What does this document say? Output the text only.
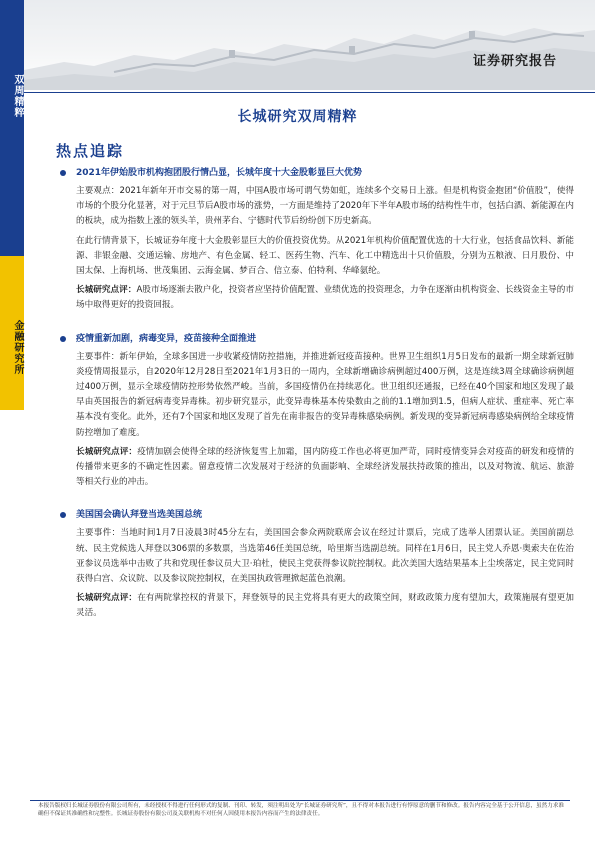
双周精粹
金融研究所
证券研究报告
长城研究双周精粹
热点追踪
2021年伊始股市机构抱团股行情凸显，长城年度十大金股彰显巨大优势

主要观点：2021年新年开市交易的第一周，中国A股市场可谓气势如虹，连续多个交易日上涨。但是机构资金抱团“价值股”，使得市场的个股分化显著，对于元旦节后A股市场的涨势，一方面是维持了2020年下半年A股市场的结构性牛市，包括白酒、新能源在内的板块，成为指数上涨的领头羊，贵州茅台、宁德时代节后纷纷创下历史新高。

在此行情背景下，长城证券年度十大金股彰显巨大的价值投资优势。从2021年机构价值配置优选的十大行业，包括食品饮料、新能源、非银金融、交通运输、房地产、有色金属、轻工、医药生物、汽车、化工中精选出十只价值股，分别为五粮液、日月股份、中国太保、上海机场、世茂集团、云海金属、梦百合、信立泰、伯特利、华峰氨纶。

长城研究点评：A股市场逐渐去散户化，投资者应坚持价值配置、业绩优选的投资理念，力争在逐渐由机构资金、长线资金主导的市场中取得更好的投资回报。

疫情重新加剧，病毒变异，疫苗接种全面推进

主要事件：新年伊始，全球多国进一步收紧疫情防控措施，并推进新冠疫苗接种。世界卫生组织1月5日发布的最新一期全球新冠肺炎疫情周报显示，自2020年12月28日至2021年1月3日的一周内，全球新增确诊病例超过400万例，这是连续3周全球确诊病例超过400万例，显示全球疫情防控形势依然严峻。当前，多国疫情仍在持续恶化。世卫组织还通报，已经在40个国家和地区发现了最早由英国报告的新冠病毒变异毒株。初步研究显示，此变异毒株基本传染数由之前的1.1增加到1.5，但病人症状、重症率、死亡率基本没有变化。此外，还有7个国家和地区发现了首先在南非报告的变异毒株感染病例。新发现的变异新冠病毒感染病例给全球疫情防控增加了难度。

长城研究点评：疫情加剧会使得全球的经济恢复雪上加霜，国内防疫工作也必将更加严苛，同时疫情变异会对疫苗的研发和疫情的传播带来更多的不确定性因素。留意疫情二次发展对于经济的负面影响、全球经济发展扶持政策的推出，以及对物流、航运、旅游等相关行业的冲击。

美国国会确认拜登当选美国总统

主要事件：当地时间1月7日凌晨3时45分左右，美国国会参众两院联席会议在经过计票后，完成了选举人团票认证。美国前副总统、民主党候选人拜登以306票的多数票，当选第46任美国总统，哈里斯当选副总统。同样在1月6日，民主党人乔恩·奥索夫在佐治亚参议员选举中击败了共和党现任参议员大卫·珀杜，使民主党获得参议院控制权。此次美国大选结果基本上尘埃落定，民主党同时获得白宫、众议院、以及参议院控制权，在美国执政管理掀起蓝色浪潮。

长城研究点评：在有两院掌控权的背景下，拜登领导的民主党将具有更大的政策空间，财政政策力度有望加大，政策施展有望更加灵活。

本报告版权归长城证券股份有限公司所有，未经授权不得进行任何形式的复制、刊印、转发，须注明出处为“长城证券研究所”，且不得对本报告进行有悖原意的删节和修改。报告内容完全基于公开信息，虽然力求准确但不保证其准确性和完整性。长城证券股份有限公司及关联机构不对任何人因使用本报告内容而产生的法律责任。
